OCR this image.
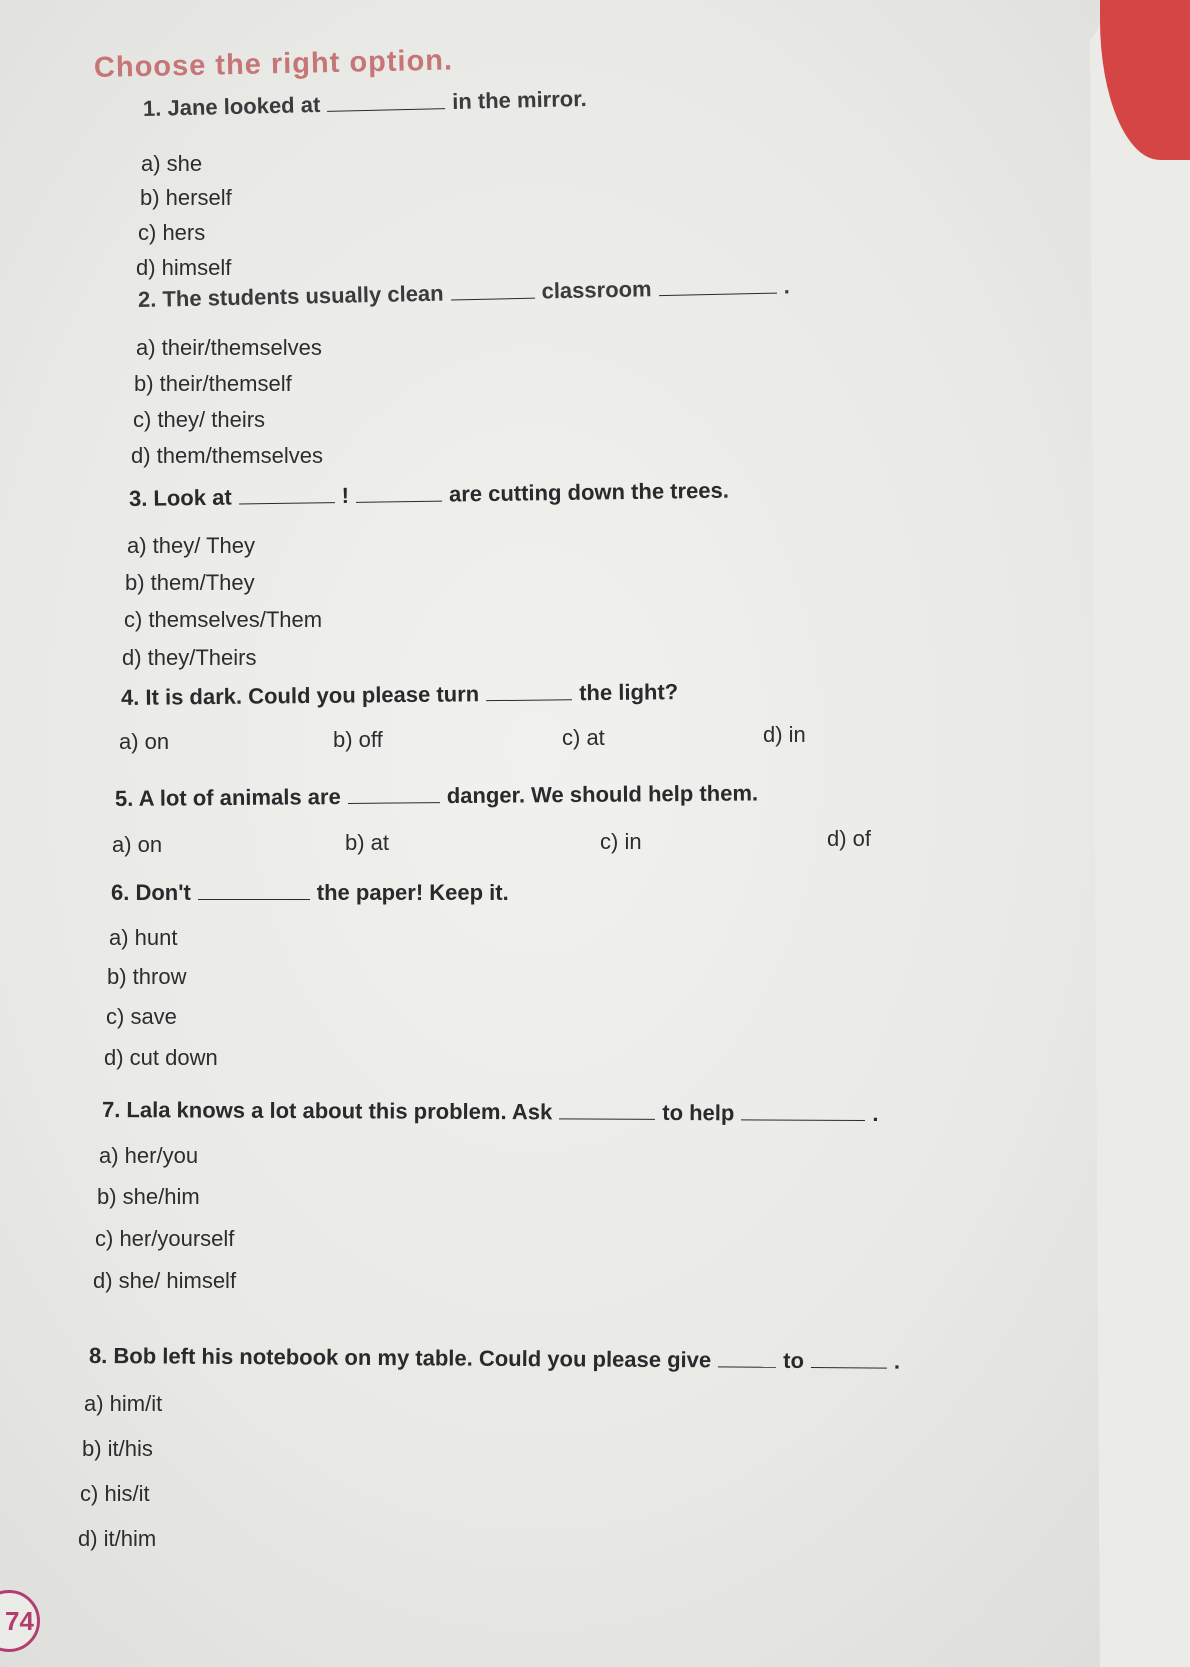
Choose the right option.
1. Jane looked at	in the mirror.
a) she
b) herself
c) hers
d) himself
2. The students usually clean	classroom	.
a) their/themselves
b) their/themself
c) they/ theirs
d) them/themselves
3. Look at	!	are cutting down the trees.
a) they/ They
b) them/They
c) themselves/Them
d) they/Theirs
4. It is dark. Could you please turn	the light?
a) on	b) off	c) at	d) in
5. A lot of animals are	danger. We should help them.
a) on	b) at	c) in	d) of
6. Don't	the paper! Keep it.
a) hunt
b) throw
c) save
d) cut down
7. Lala knows a lot about this problem. Ask	to help	.
a) her/you
b) she/him
c) her/yourself
d) she/ himself
8. Bob left his notebook on my table. Could you please give	to	.
a) him/it
b) it/his
c) his/it
d) it/him
74
